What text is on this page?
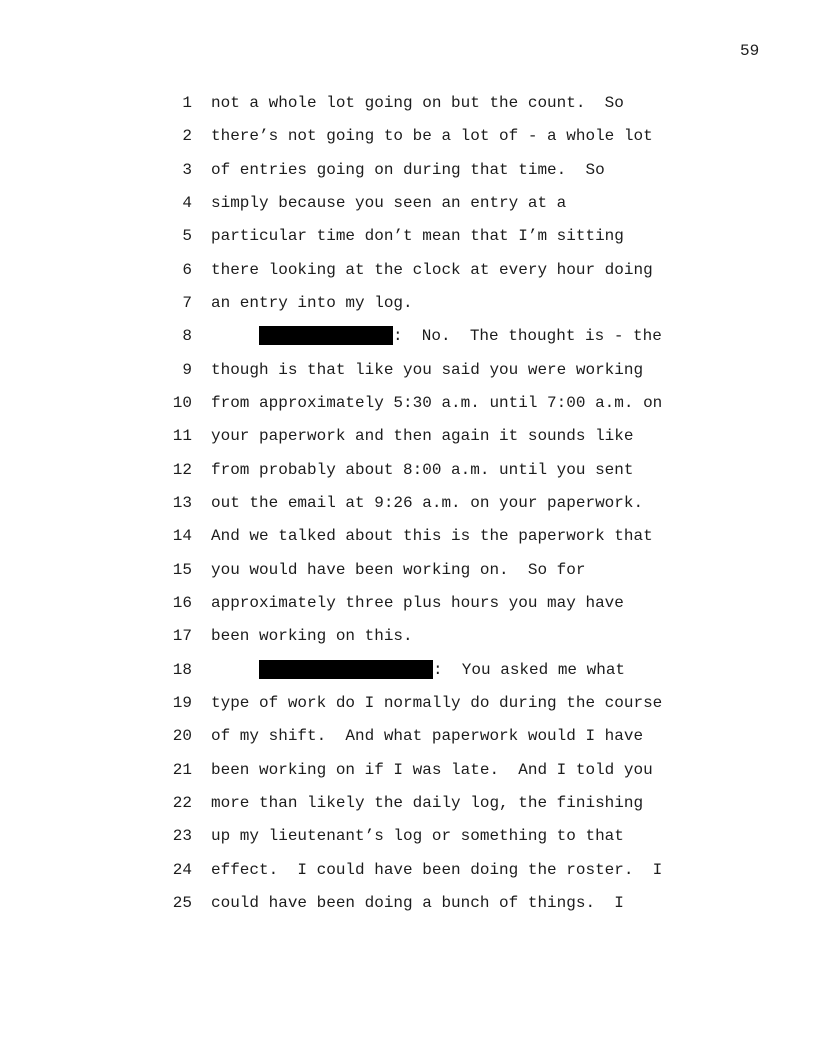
59
1 not a whole lot going on but the count.  So
2 there’s not going to be a lot of - a whole lot
3 of entries going on during that time.  So
4 simply because you seen an entry at a
5 particular time don’t mean that I’m sitting
6 there looking at the clock at every hour doing
7 an entry into my log.
8	:  No.  The thought is - the
9 though is that like you said you were working
10 from approximately 5:30 a.m. until 7:00 a.m. on
11 your paperwork and then again it sounds like
12 from probably about 8:00 a.m. until you sent
13 out the email at 9:26 a.m. on your paperwork.
14 And we talked about this is the paperwork that
15 you would have been working on.  So for
16 approximately three plus hours you may have
17 been working on this.
18	:  You asked me what
19 type of work do I normally do during the course
20 of my shift.  And what paperwork would I have
21 been working on if I was late.  And I told you
22 more than likely the daily log, the finishing
23 up my lieutenant’s log or something to that
24 effect.  I could have been doing the roster.  I
25 could have been doing a bunch of things.  I
